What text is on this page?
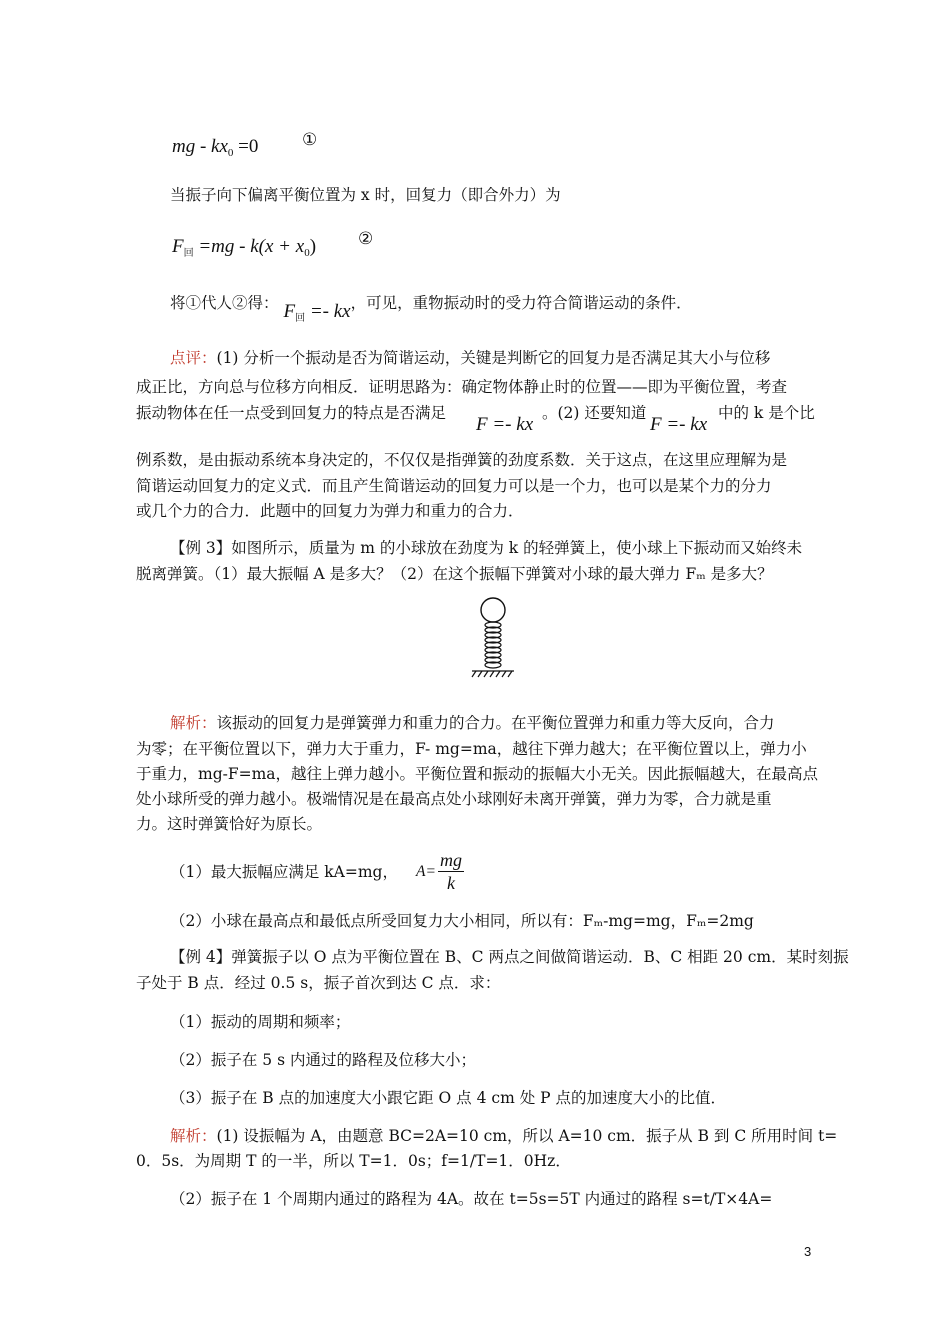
mg - $kx_0 =0$	①
当振子向下偏离平衡位置为 x 时，回复力（即合外力）为
$F_回 =mg - k(x + x_0)$ ②
将①代人②得： $F_回$ =- kx，可见，重物振动时的受力符合简谐运动的条件．
点评：(1) 分析一个振动是否为简谐运动，关键是判断它的回复力是否满足其大小与位移
成正比，方向总与位移方向相反．证明思路为：确定物体静止时的位置——即为平衡位置，考查
振动物体在任一点受到回复力的特点是否满足
F =- kx
。(2) 还要知道
F =- kx
中的 k 是个比
例系数，是由振动系统本身决定的，不仅仅是指弹簧的劲度系数．关于这点，在这里应理解为是
简谐运动回复力的定义式．而且产生简谐运动的回复力可以是一个力，也可以是某个力的分力
或几个力的合力．此题中的回复力为弹力和重力的合力．
【例 3】如图所示，质量为 m 的小球放在劲度为 k 的轻弹簧上，使小球上下振动而又始终未
脱离弹簧。（1）最大振幅 A 是多大？（2）在这个振幅下弹簧对小球的最大弹力 Fₘ 是多大？
解析：该振动的回复力是弹簧弹力和重力的合力。在平衡位置弹力和重力等大反向，合力
为零；在平衡位置以下，弹力大于重力，F- mg=ma，越往下弹力越大；在平衡位置以上，弹力小
于重力，mg-F=ma，越往上弹力越小。平衡位置和振动的振幅大小无关。因此振幅越大，在最高点
处小球所受的弹力越小。极端情况是在最高点处小球刚好未离开弹簧，弹力为零，合力就是重
力。这时弹簧恰好为原长。
（1）最大振幅应满足 kA=mg， $A= \frac{mg}{k}$
（2）小球在最高点和最低点所受回复力大小相同，所以有：Fₘ-mg=mg，Fₘ=2mg
【例 4】弹簧振子以 O 点为平衡位置在 B、C 两点之间做简谐运动．B、C 相距 20 cm．某时刻振
子处于 B 点．经过 0.5 s，振子首次到达 C 点．求：
（1）振动的周期和频率；
（2）振子在 5 s 内通过的路程及位移大小；
（3）振子在 B 点的加速度大小跟它距 O 点 4 cm 处 P 点的加速度大小的比值．
解析：(1) 设振幅为 A，由题意 BC=2A=10 cm，所以 A=10 cm．振子从 B 到 C 所用时间 t=
0．5s．为周期 T 的一半，所以 T=1．0s；f=1/T=1．0Hz．
（2）振子在 1 个周期内通过的路程为 4A。故在 t=5s=5T 内通过的路程 s=t/T×4A=
3
